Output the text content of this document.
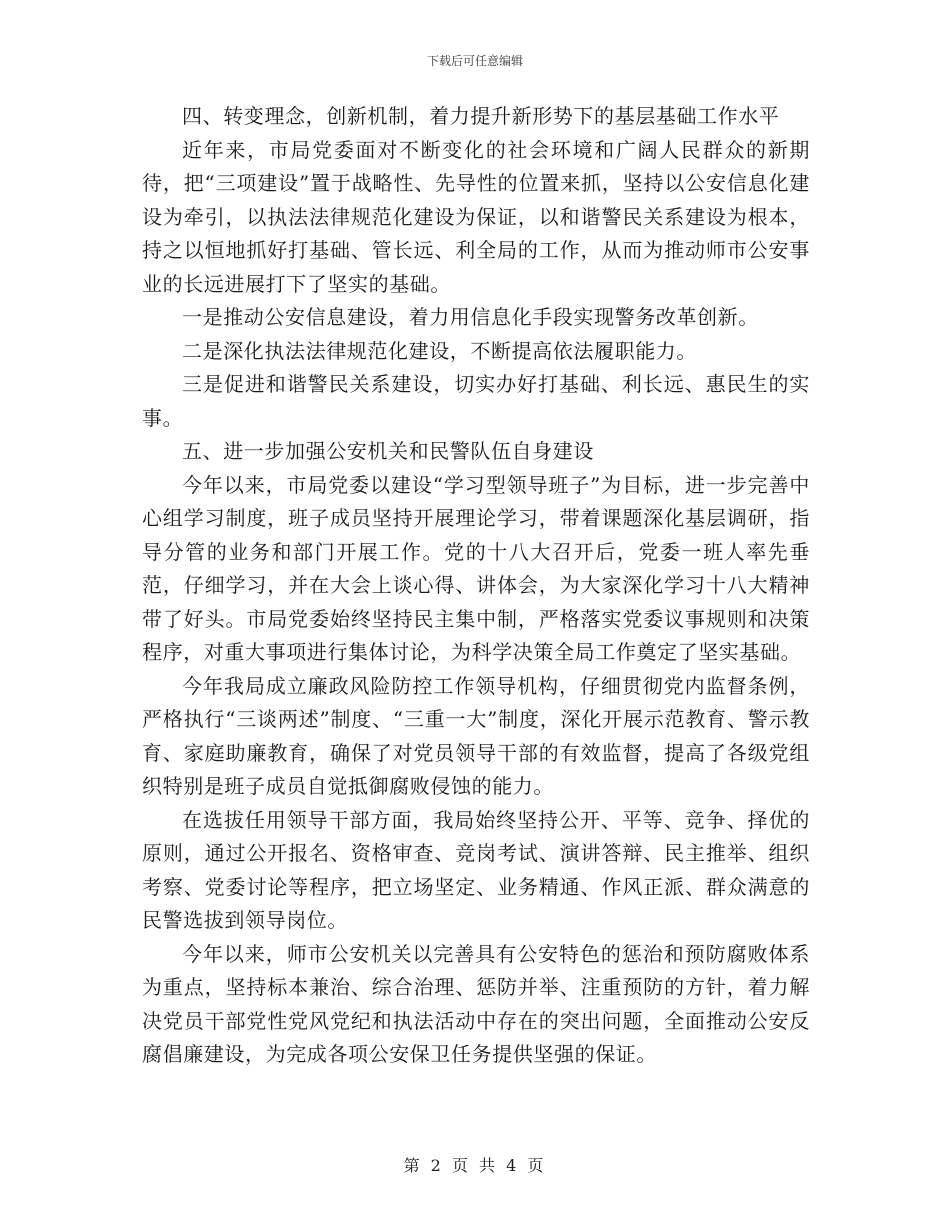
下载后可任意编辑

四、转变理念，创新机制，着力提升新形势下的基层基础工作水平

近年来，市局党委面对不断变化的社会环境和广阔人民群众的新期待，把“三项建设”置于战略性、先导性的位置来抓，坚持以公安信息化建设为牵引，以执法法律规范化建设为保证，以和谐警民关系建设为根本，持之以恒地抓好打基础、管长远、利全局的工作，从而为推动师市公安事业的长远进展打下了坚实的基础。

一是推动公安信息建设，着力用信息化手段实现警务改革创新。

二是深化执法法律规范化建设，不断提高依法履职能力。

三是促进和谐警民关系建设，切实办好打基础、利长远、惠民生的实事。

五、进一步加强公安机关和民警队伍自身建设

今年以来，市局党委以建设“学习型领导班子”为目标，进一步完善中心组学习制度，班子成员坚持开展理论学习，带着课题深化基层调研，指导分管的业务和部门开展工作。党的十八大召开后，党委一班人率先垂范，仔细学习，并在大会上谈心得、讲体会，为大家深化学习十八大精神带了好头。市局党委始终坚持民主集中制，严格落实党委议事规则和决策程序，对重大事项进行集体讨论，为科学决策全局工作奠定了坚实基础。

今年我局成立廉政风险防控工作领导机构，仔细贯彻党内监督条例，严格执行“三谈两述”制度、“三重一大”制度，深化开展示范教育、警示教育、家庭助廉教育，确保了对党员领导干部的有效监督，提高了各级党组织特别是班子成员自觉抵御腐败侵蚀的能力。

在选拔任用领导干部方面，我局始终坚持公开、平等、竞争、择优的原则，通过公开报名、资格审查、竞岗考试、演讲答辩、民主推举、组织考察、党委讨论等程序，把立场坚定、业务精通、作风正派、群众满意的民警选拔到领导岗位。

今年以来，师市公安机关以完善具有公安特色的惩治和预防腐败体系为重点，坚持标本兼治、综合治理、惩防并举、注重预防的方针，着力解决党员干部党性党风党纪和执法活动中存在的突出问题，全面推动公安反腐倡廉建设，为完成各项公安保卫任务提供坚强的保证。

第 2 页 共 4 页
